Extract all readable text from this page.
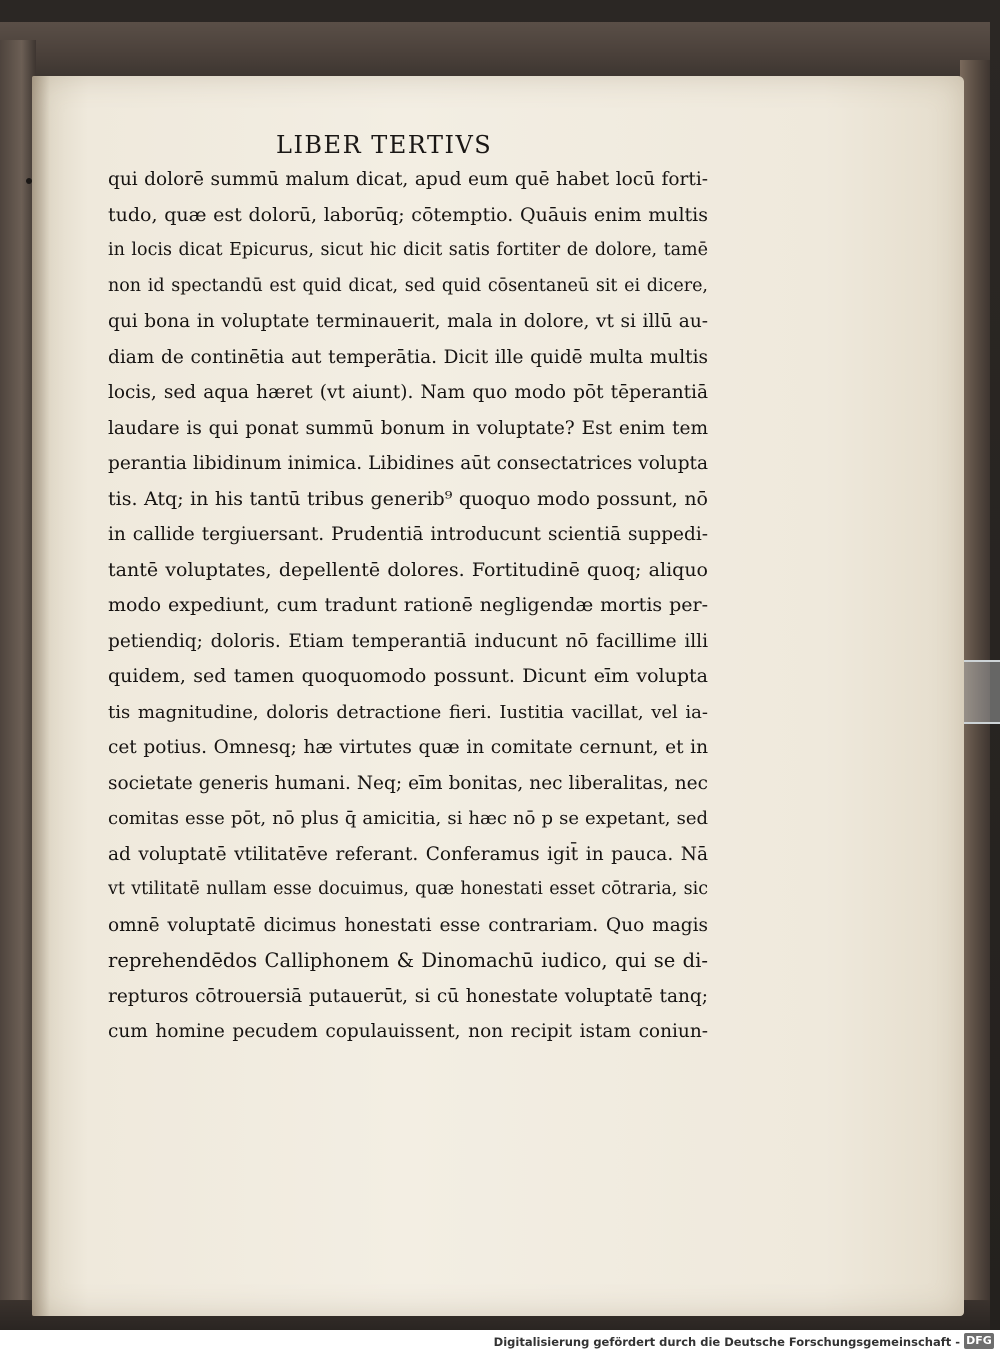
LIBER TERTIVS
qui dolorē summū malum dicat, apud eum quē habet locū forti-
tudo, quæ est dolorū, laborūq; cōtemptio. Quāuis enim multis
in locis dicat Epicurus, sicut hic dicit satis fortiter de dolore, tamē
non id spectandū est quid dicat, sed quid cōsentaneū sit ei dicere,
qui bona in voluptate terminauerit, mala in dolore, vt si illū au-
diam de continētia aut temperātia. Dicit ille quidē multa multis
locis, sed aqua hæret (vt aiunt). Nam quo modo pōt tēperantiā
laudare is qui ponat summū bonum in voluptate? Est enim tem
perantia libidinum inimica. Libidines aūt consectatrices volupta
tis. Atq; in his tantū tribus generib⁹ quoquo modo possunt, nō
in callide tergiuersant. Prudentiā introducunt scientiā suppedi-
tantē voluptates, depellentē dolores. Fortitudinē quoq; aliquo
modo expediunt, cum tradunt rationē negligendæ mortis per-
petiendiq; doloris. Etiam temperantiā inducunt nō facillime illi
quidem, sed tamen quoquomodo possunt. Dicunt eīm volupta
tis magnitudine, doloris detractione fieri. Iustitia vacillat, vel ia-
cet potius. Omnesq; hæ virtutes quæ in comitate cernunt, et in
societate generis humani. Neq; eīm bonitas, nec liberalitas, nec
comitas esse pōt, nō plus q̄ amicitia, si hæc nō p se expetant, sed
ad voluptatē vtilitatēve referant. Conferamus igit̄ in pauca. Nā
vt vtilitatē nullam esse docuimus, quæ honestati esset cōtraria, sic
omnē voluptatē dicimus honestati esse contrariam. Quo magis
reprehendēdos Calliphonem & Dinomachū iudico, qui se di-
repturos cōtrouersiā putauerūt, si cū honestate voluptatē tanq;
cum homine pecudem copulauissent, non recipit istam coniun-
Digitalisierung gefördert durch die Deutsche Forschungsgemeinschaft - DFG
